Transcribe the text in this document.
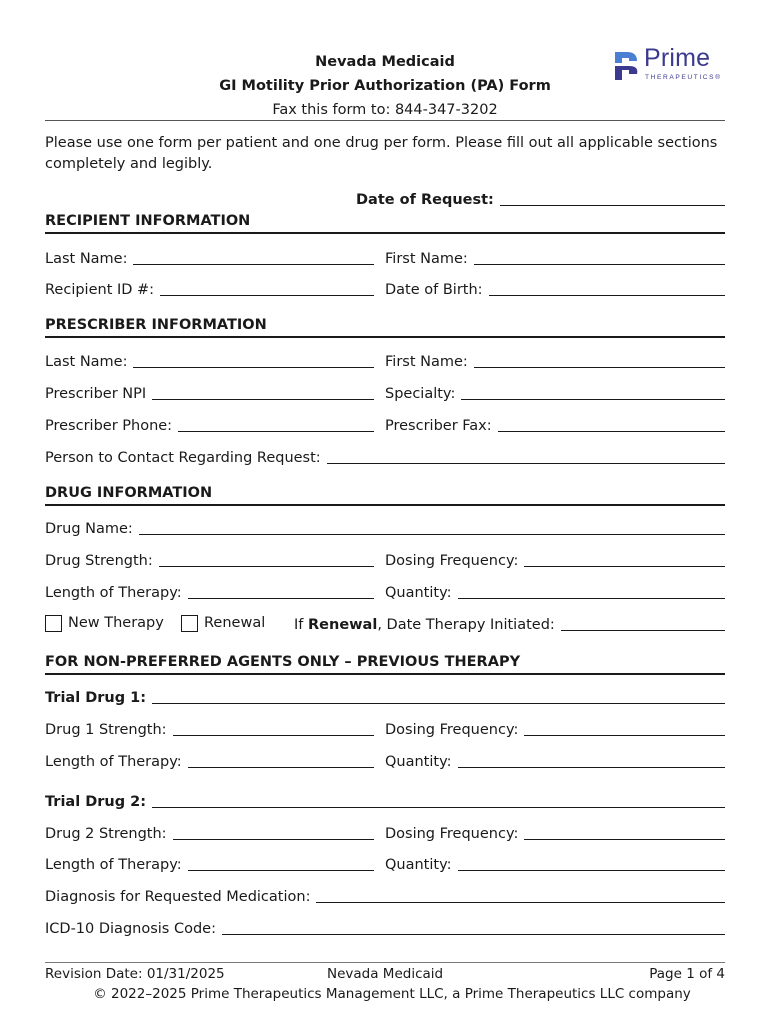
Nevada Medicaid
GI Motility Prior Authorization (PA) Form
Fax this form to: 844-347-3202
Prime
THERAPEUTICS®
Please use one form per patient and one drug per form. Please fill out all applicable sections completely and legibly.
Date of Request:
RECIPIENT INFORMATION
Last Name:	First Name:
Recipient ID #:	Date of Birth:
PRESCRIBER INFORMATION
Last Name:	First Name:
Prescriber NPI	Specialty:
Prescriber Phone:	Prescriber Fax:
Person to Contact Regarding Request:
DRUG INFORMATION
Drug Name:
Drug Strength:	Dosing Frequency:
Length of Therapy:	Quantity:
New Therapy	Renewal	If Renewal, Date Therapy Initiated:
FOR NON-PREFERRED AGENTS ONLY – PREVIOUS THERAPY
Trial Drug 1:
Drug 1 Strength:	Dosing Frequency:
Length of Therapy:	Quantity:
Trial Drug 2:
Drug 2 Strength:	Dosing Frequency:
Length of Therapy:	Quantity:
Diagnosis for Requested Medication:
ICD-10 Diagnosis Code:
Revision Date: 01/31/2025	Nevada Medicaid	Page 1 of 4
© 2022–2025 Prime Therapeutics Management LLC, a Prime Therapeutics LLC company
